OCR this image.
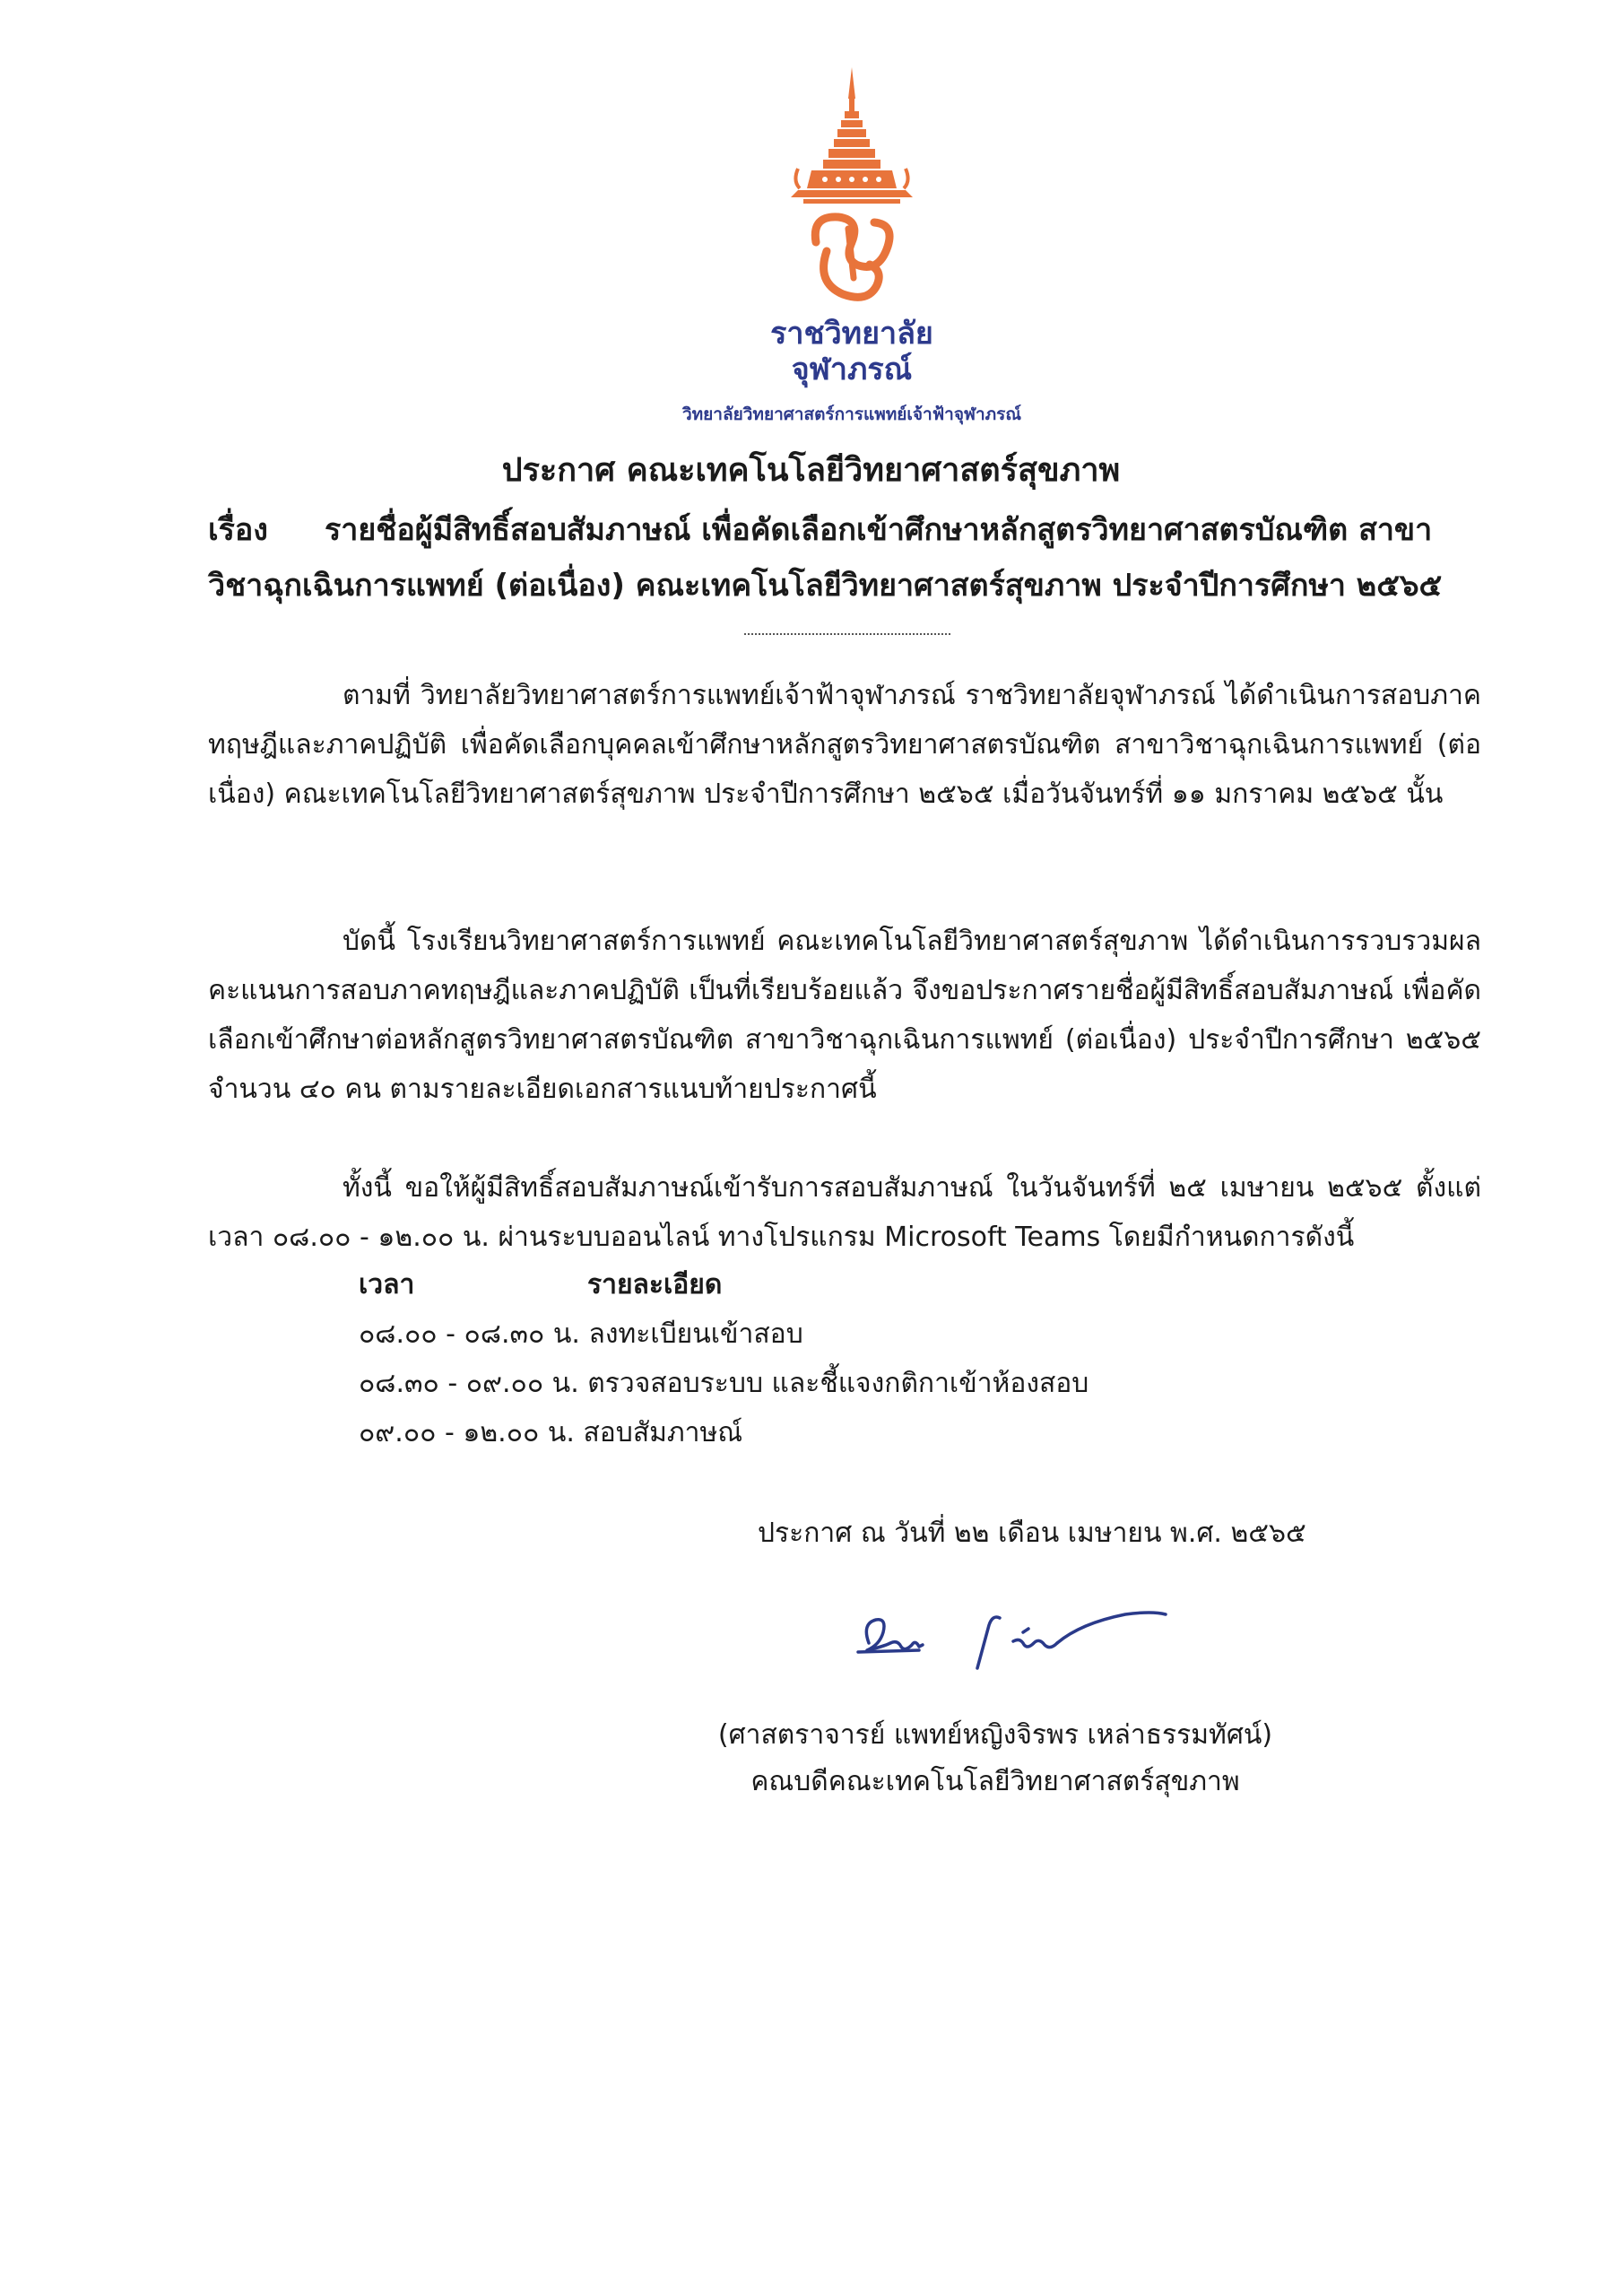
ราชวิทยาลัย
จุฬาภรณ์
วิทยาลัยวิทยาศาสตร์การแพทย์เจ้าฟ้าจุฬาภรณ์
ประกาศ คณะเทคโนโลยีวิทยาศาสตร์สุขภาพ
เรื่อง รายชื่อผู้มีสิทธิ์สอบสัมภาษณ์ เพื่อคัดเลือกเข้าศึกษาหลักสูตรวิทยาศาสตรบัณฑิต สาขา
วิชาฉุกเฉินการแพทย์ (ต่อเนื่อง) คณะเทคโนโลยีวิทยาศาสตร์สุขภาพ ประจำปีการศึกษา ๒๕๖๕
ตามที่ วิทยาลัยวิทยาศาสตร์การแพทย์เจ้าฟ้าจุฬาภรณ์ ราชวิทยาลัยจุฬาภรณ์ ได้ดำเนินการสอบภาคทฤษฎีและภาคปฏิบัติ เพื่อคัดเลือกบุคคลเข้าศึกษาหลักสูตรวิทยาศาสตรบัณฑิต สาขาวิชาฉุกเฉินการแพทย์ (ต่อเนื่อง) คณะเทคโนโลยีวิทยาศาสตร์สุขภาพ ประจำปีการศึกษา ๒๕๖๕ เมื่อวันจันทร์ที่ ๑๑ มกราคม ๒๕๖๕ นั้น
บัดนี้ โรงเรียนวิทยาศาสตร์การแพทย์ คณะเทคโนโลยีวิทยาศาสตร์สุขภาพ ได้ดำเนินการรวบรวมผลคะแนนการสอบภาคทฤษฎีและภาคปฏิบัติ เป็นที่เรียบร้อยแล้ว จึงขอประกาศรายชื่อผู้มีสิทธิ์สอบสัมภาษณ์ เพื่อคัดเลือกเข้าศึกษาต่อหลักสูตรวิทยาศาสตรบัณฑิต สาขาวิชาฉุกเฉินการแพทย์ (ต่อเนื่อง) ประจำปีการศึกษา ๒๕๖๕ จำนวน ๔๐ คน ตามรายละเอียดเอกสารแนบท้ายประกาศนี้
ทั้งนี้ ขอให้ผู้มีสิทธิ์สอบสัมภาษณ์เข้ารับการสอบสัมภาษณ์ ในวันจันทร์ที่ ๒๕ เมษายน ๒๕๖๕ ตั้งแต่เวลา ๐๘.๐๐ - ๑๒.๐๐ น. ผ่านระบบออนไลน์ ทางโปรแกรม Microsoft Teams โดยมีกำหนดการดังนี้
เวลา	รายละเอียด
๐๘.๐๐ - ๐๘.๓๐ น. ลงทะเบียนเข้าสอบ
๐๘.๓๐ - ๐๙.๐๐ น. ตรวจสอบระบบ และชี้แจงกติกาเข้าห้องสอบ
๐๙.๐๐ - ๑๒.๐๐ น. สอบสัมภาษณ์
ประกาศ ณ วันที่ ๒๒ เดือน เมษายน พ.ศ. ๒๕๖๕
(ศาสตราจารย์ แพทย์หญิงจิรพร เหล่าธรรมทัศน์)
คณบดีคณะเทคโนโลยีวิทยาศาสตร์สุขภาพ
